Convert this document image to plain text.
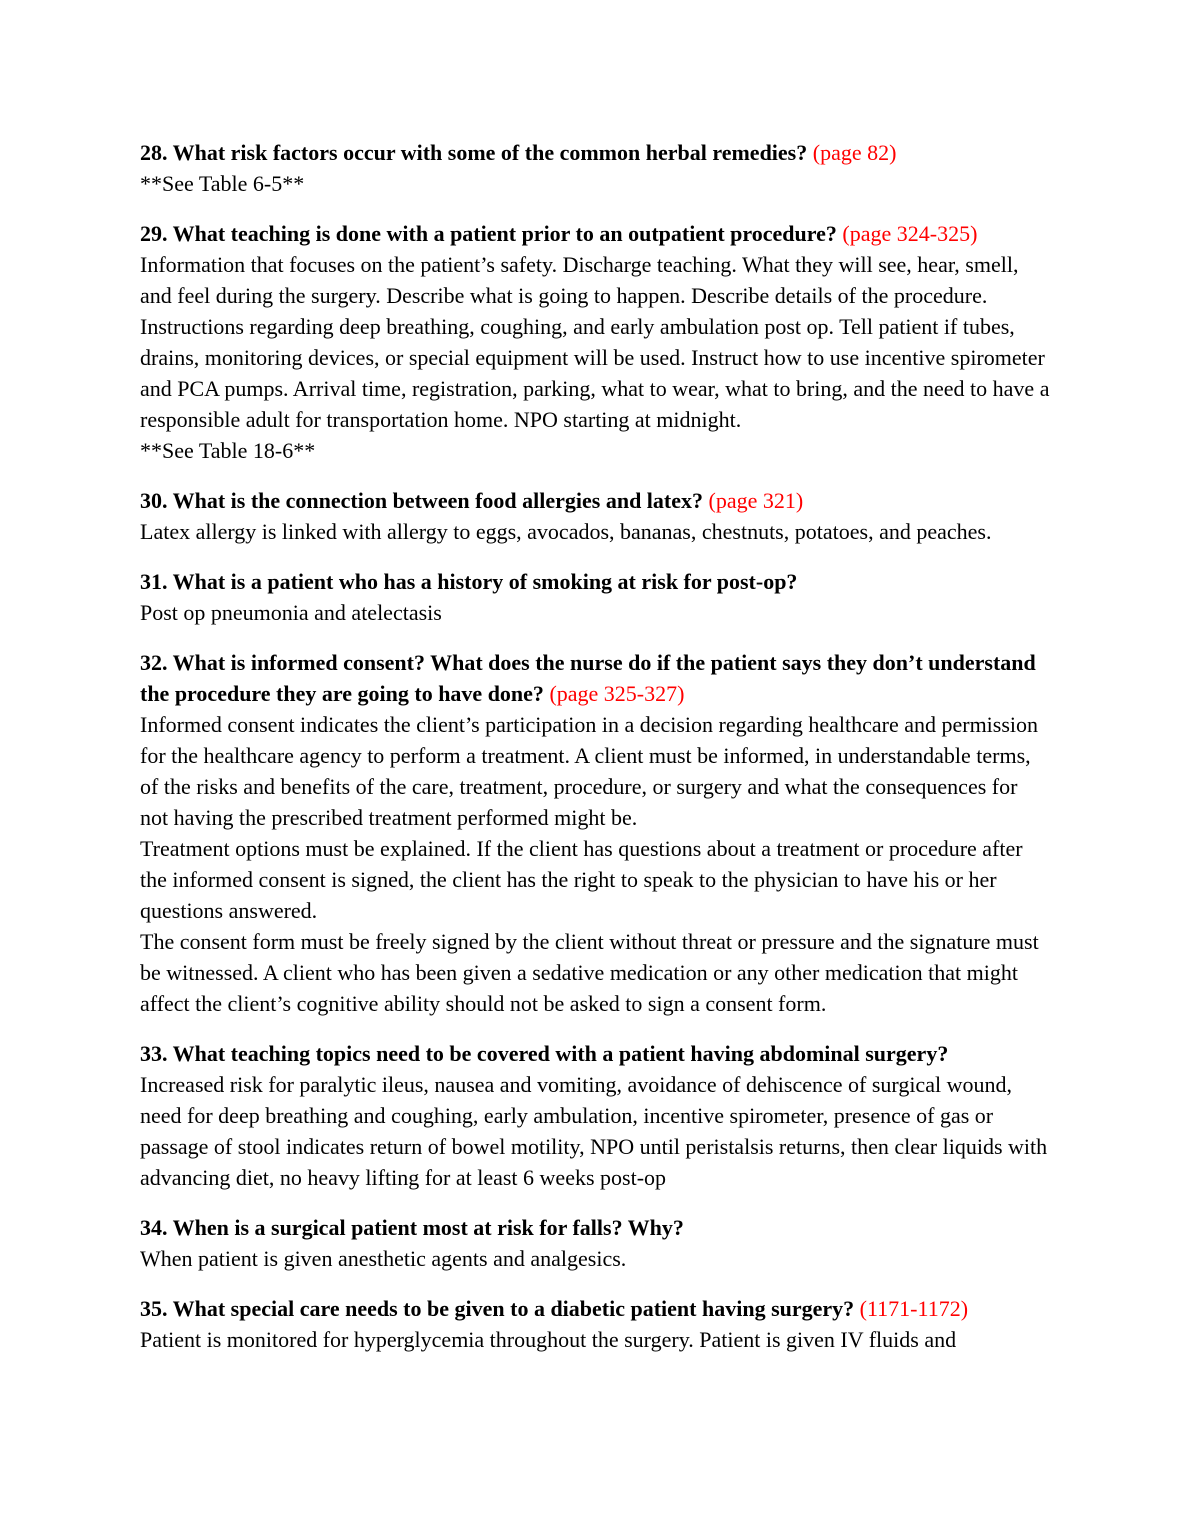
28. What risk factors occur with some of the common herbal remedies? (page 82)
**See Table 6-5**
29. What teaching is done with a patient prior to an outpatient procedure? (page 324-325)
Information that focuses on the patient’s safety. Discharge teaching. What they will see, hear, smell, and feel during the surgery. Describe what is going to happen. Describe details of the procedure. Instructions regarding deep breathing, coughing, and early ambulation post op. Tell patient if tubes, drains, monitoring devices, or special equipment will be used. Instruct how to use incentive spirometer and PCA pumps. Arrival time, registration, parking, what to wear, what to bring, and the need to have a responsible adult for transportation home. NPO starting at midnight.
**See Table 18-6**
30. What is the connection between food allergies and latex? (page 321)
Latex allergy is linked with allergy to eggs, avocados, bananas, chestnuts, potatoes, and peaches.
31. What is a patient who has a history of smoking at risk for post-op?
Post op pneumonia and atelectasis
32. What is informed consent? What does the nurse do if the patient says they don’t understand the procedure they are going to have done? (page 325-327)
Informed consent indicates the client’s participation in a decision regarding healthcare and permission for the healthcare agency to perform a treatment. A client must be informed, in understandable terms, of the risks and benefits of the care, treatment, procedure, or surgery and what the consequences for not having the prescribed treatment performed might be.
Treatment options must be explained. If the client has questions about a treatment or procedure after the informed consent is signed, the client has the right to speak to the physician to have his or her questions answered.
The consent form must be freely signed by the client without threat or pressure and the signature must be witnessed. A client who has been given a sedative medication or any other medication that might affect the client’s cognitive ability should not be asked to sign a consent form.
33. What teaching topics need to be covered with a patient having abdominal surgery?
Increased risk for paralytic ileus, nausea and vomiting, avoidance of dehiscence of surgical wound, need for deep breathing and coughing, early ambulation, incentive spirometer, presence of gas or passage of stool indicates return of bowel motility, NPO until peristalsis returns, then clear liquids with advancing diet, no heavy lifting for at least 6 weeks post-op
34. When is a surgical patient most at risk for falls? Why?
When patient is given anesthetic agents and analgesics.
35. What special care needs to be given to a diabetic patient having surgery? (1171-1172)
Patient is monitored for hyperglycemia throughout the surgery. Patient is given IV fluids and
